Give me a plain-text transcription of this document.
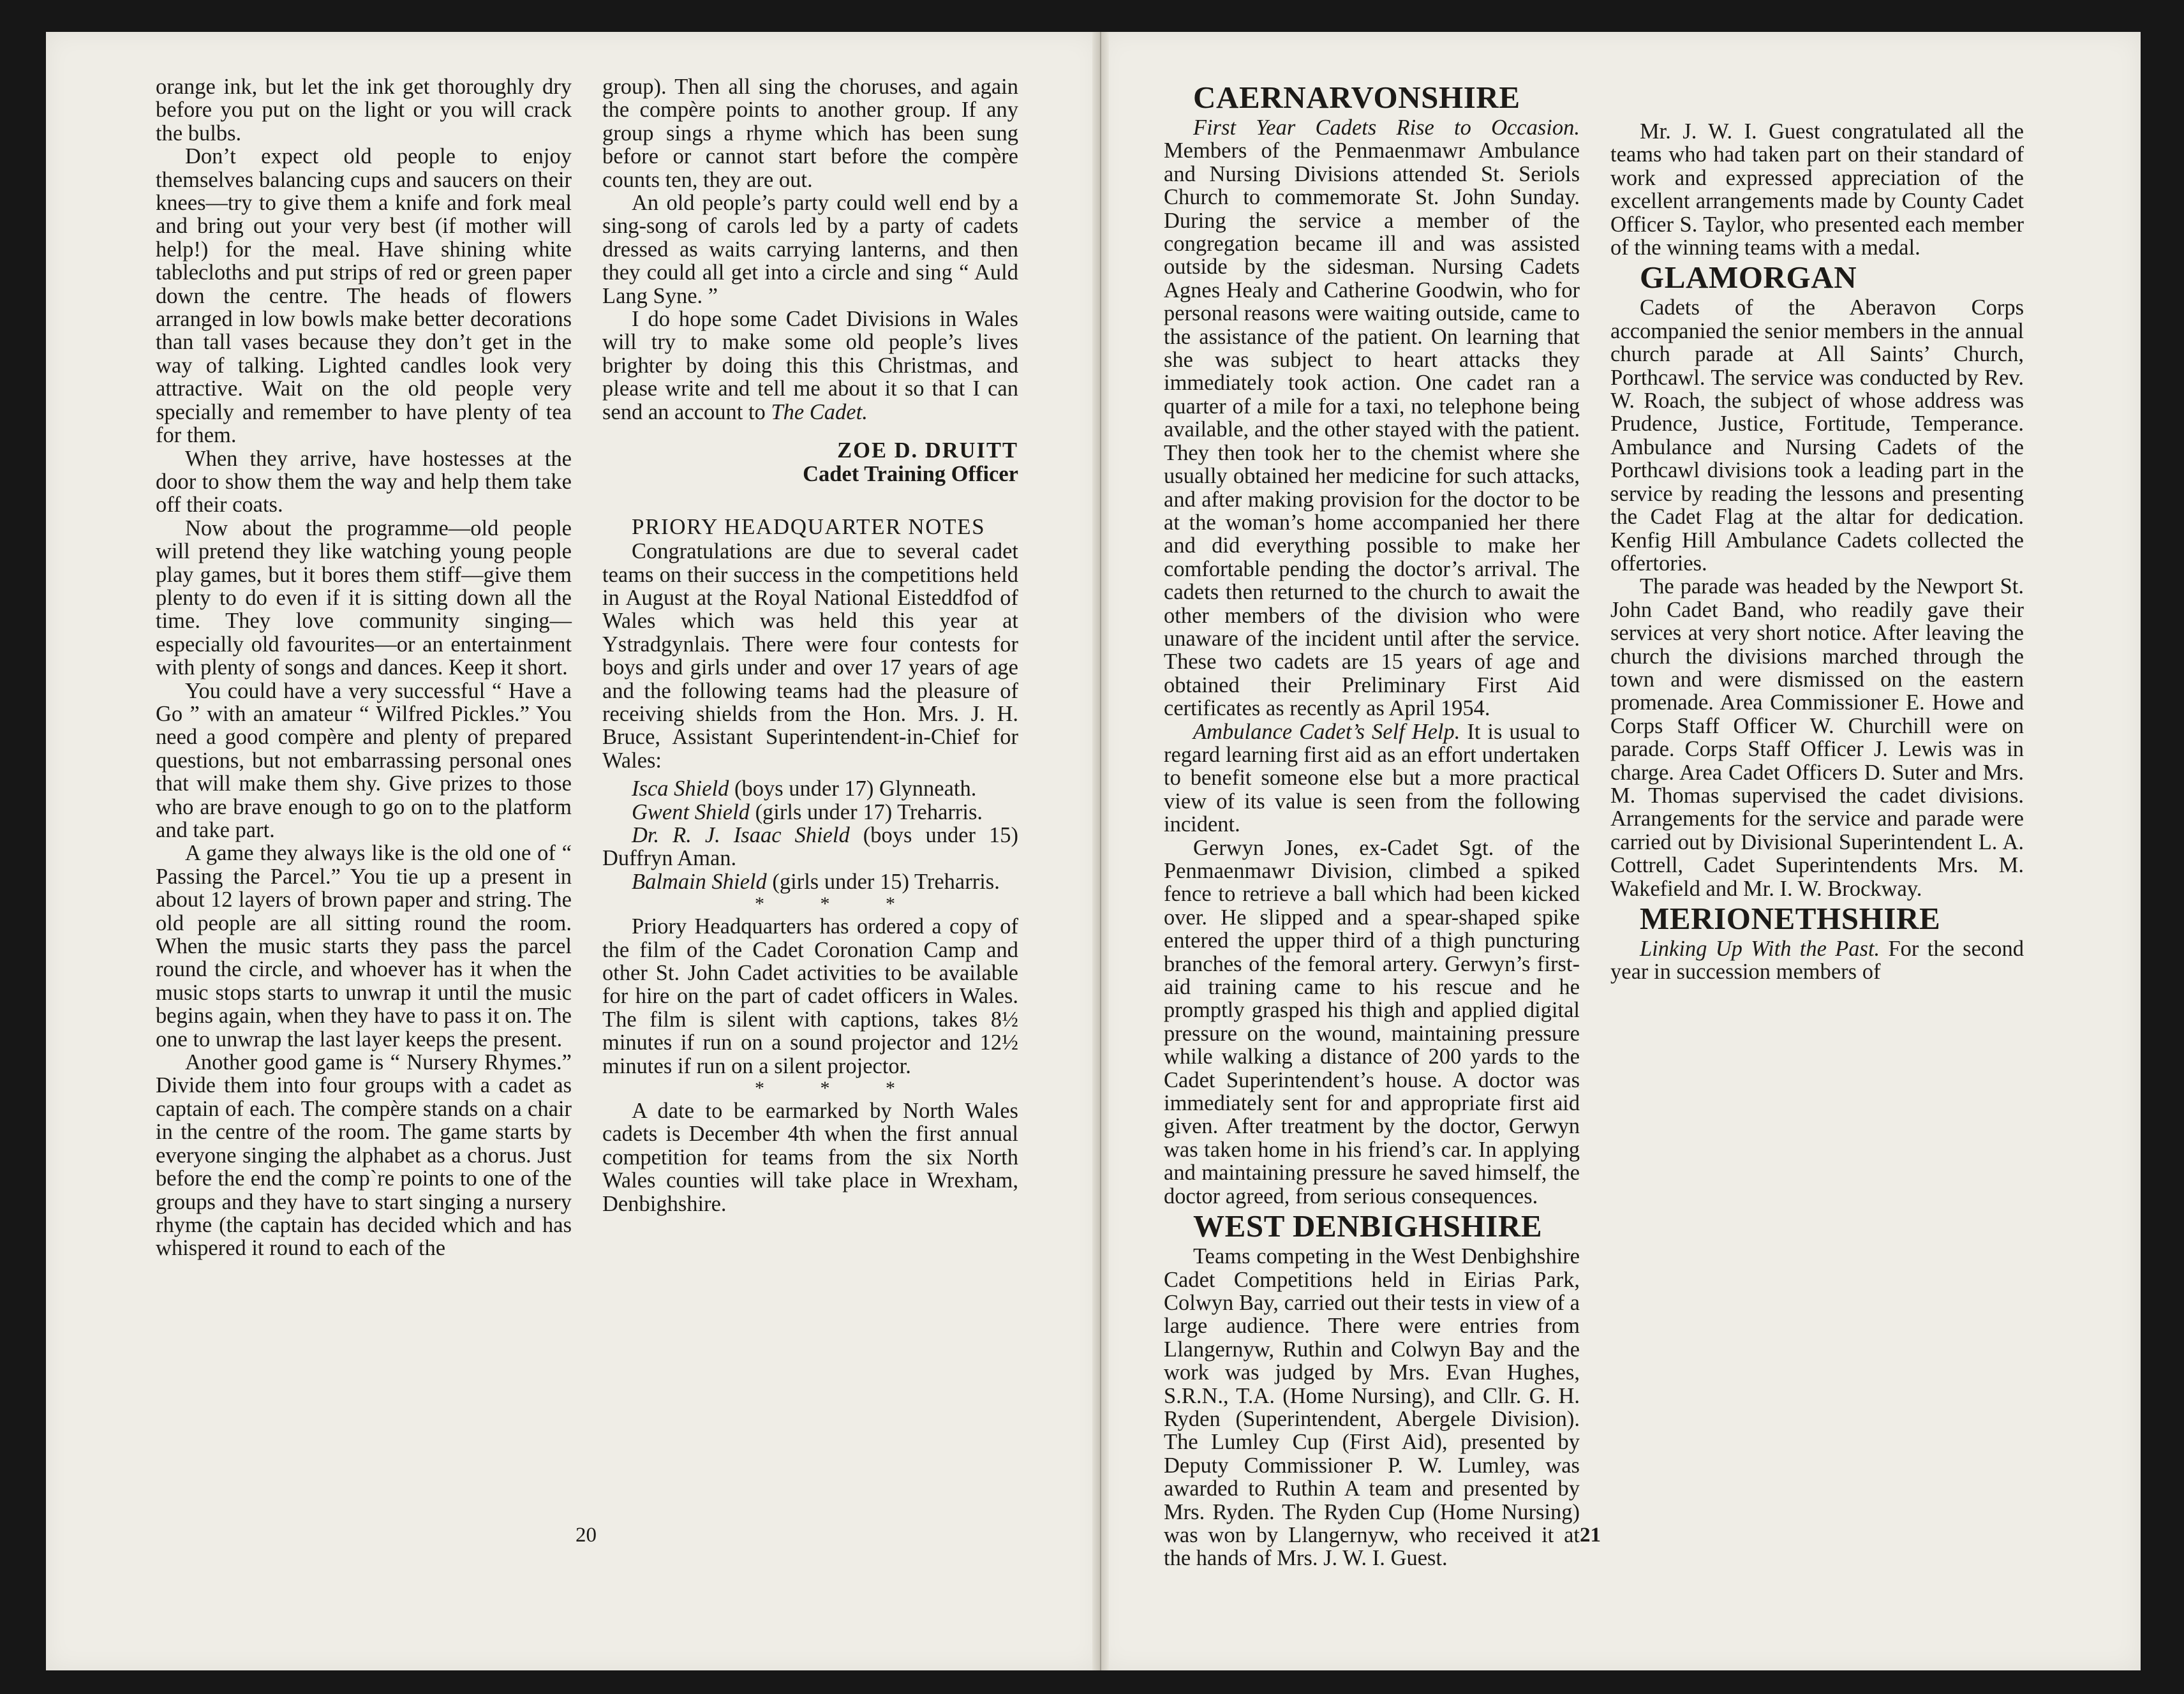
orange ink, but let the ink get thoroughly dry before you put on the light or you will crack the bulbs.

Don’t expect old people to enjoy themselves balancing cups and saucers on their knees—try to give them a knife and fork meal and bring out your very best (if mother will help!) for the meal. Have shining white tablecloths and put strips of red or green paper down the centre. The heads of flowers arranged in low bowls make better decorations than tall vases because they don’t get in the way of talking. Lighted candles look very attractive. Wait on the old people very specially and remember to have plenty of tea for them.

When they arrive, have hostesses at the door to show them the way and help them take off their coats.

Now about the programme—old people will pretend they like watching young people play games, but it bores them stiff—give them plenty to do even if it is sitting down all the time. They love community singing—especially old favourites—or an entertainment with plenty of songs and dances. Keep it short.

You could have a very successful “ Have a Go ” with an amateur “ Wilfred Pickles.” You need a good compère and plenty of prepared questions, but not embarrassing personal ones that will make them shy. Give prizes to those who are brave enough to go on to the platform and take part.

A game they always like is the old one of “ Passing the Parcel.” You tie up a present in about 12 layers of brown paper and string. The old people are all sitting round the room. When the music starts they pass the parcel round the circle, and whoever has it when the music stops starts to unwrap it until the music begins again, when they have to pass it on. The one to unwrap the last layer keeps the present.

Another good game is “ Nursery Rhymes.” Divide them into four groups with a cadet as captain of each. The compère stands on a chair in the centre of the room. The game starts by everyone singing the alphabet as a chorus. Just before the end the comp`re points to one of the groups and they have to start singing a nursery rhyme (the captain has decided which and has whispered it round to each of the

group). Then all sing the choruses, and again the compère points to another group. If any group sings a rhyme which has been sung before or cannot start before the compère counts ten, they are out.

An old people’s party could well end by a sing-song of carols led by a party of cadets dressed as waits carrying lanterns, and then they could all get into a circle and sing “ Auld Lang Syne. ”

I do hope some Cadet Divisions in Wales will try to make some old people’s lives brighter by doing this this Christmas, and please write and tell me about it so that I can send an account to The Cadet.

ZOE D. DRUITT

Cadet Training Officer

PRIORY HEADQUARTER NOTES

Congratulations are due to several cadet teams on their success in the competitions held in August at the Royal National Eisteddfod of Wales which was held this year at Ystradgynlais. There were four contests for boys and girls under and over 17 years of age and the following teams had the pleasure of receiving shields from the Hon. Mrs. J. H. Bruce, Assistant Superintendent-in-Chief for Wales:

Isca Shield (boys under 17) Glynneath.

Gwent Shield (girls under 17) Treharris.

Dr. R. J. Isaac Shield (boys under 15) Duffryn Aman.

Balmain Shield (girls under 15) Treharris.

* * *

Priory Headquarters has ordered a copy of the film of the Cadet Coronation Camp and other St. John Cadet activities to be available for hire on the part of cadet officers in Wales. The film is silent with captions, takes 8½ minutes if run on a sound projector and 12½ minutes if run on a silent projector.

* * *

A date to be earmarked by North Wales cadets is December 4th when the first annual competition for teams from the six North Wales counties will take place in Wrexham, Denbighshire.

20

CAERNARVONSHIRE

First Year Cadets Rise to Occasion. Members of the Penmaenmawr Ambulance and Nursing Divisions attended St. Seriols Church to commemorate St. John Sunday. During the service a member of the congregation became ill and was assisted outside by the sidesman. Nursing Cadets Agnes Healy and Catherine Goodwin, who for personal reasons were waiting outside, came to the assistance of the patient. On learning that she was subject to heart attacks they immediately took action. One cadet ran a quarter of a mile for a taxi, no telephone being available, and the other stayed with the patient. They then took her to the chemist where she usually obtained her medicine for such attacks, and after making provision for the doctor to be at the woman’s home accompanied her there and did everything possible to make her comfortable pending the doctor’s arrival. The cadets then returned to the church to await the other members of the division who were unaware of the incident until after the service. These two cadets are 15 years of age and obtained their Preliminary First Aid certificates as recently as April 1954.

Ambulance Cadet’s Self Help. It is usual to regard learning first aid as an effort undertaken to benefit someone else but a more practical view of its value is seen from the following incident.

Gerwyn Jones, ex-Cadet Sgt. of the Penmaenmawr Division, climbed a spiked fence to retrieve a ball which had been kicked over. He slipped and a spear-shaped spike entered the upper third of a thigh puncturing branches of the femoral artery. Gerwyn’s first-aid training came to his rescue and he promptly grasped his thigh and applied digital pressure on the wound, maintaining pressure while walking a distance of 200 yards to the Cadet Superintendent’s house. A doctor was immediately sent for and appropriate first aid given. After treatment by the doctor, Gerwyn was taken home in his friend’s car. In applying and maintaining pressure he saved himself, the doctor agreed, from serious consequences.

WEST DENBIGHSHIRE

Teams competing in the West Denbighshire Cadet Competitions held in Eirias Park, Colwyn Bay, carried out their tests in view of a large audience. There were entries from Llangernyw, Ruthin and Colwyn Bay and the work was judged by Mrs. Evan Hughes, S.R.N., T.A. (Home Nursing), and Cllr. G. H. Ryden (Superintendent, Abergele Division). The Lumley Cup (First Aid), presented by Deputy Commissioner P. W. Lumley, was awarded to Ruthin A team and presented by Mrs. Ryden. The Ryden Cup (Home Nursing) was won by Llangernyw, who received it at the hands of Mrs. J. W. I. Guest.

Mr. J. W. I. Guest congratulated all the teams who had taken part on their standard of work and expressed appreciation of the excellent arrangements made by County Cadet Officer S. Taylor, who presented each member of the winning teams with a medal.

GLAMORGAN

Cadets of the Aberavon Corps accompanied the senior members in the annual church parade at All Saints’ Church, Porthcawl. The service was conducted by Rev. W. Roach, the subject of whose address was Prudence, Justice, Fortitude, Temperance. Ambulance and Nursing Cadets of the Porthcawl divisions took a leading part in the service by reading the lessons and presenting the Cadet Flag at the altar for dedication. Kenfig Hill Ambulance Cadets collected the offertories.

The parade was headed by the Newport St. John Cadet Band, who readily gave their services at very short notice. After leaving the church the divisions marched through the town and were dismissed on the eastern promenade. Area Commissioner E. Howe and Corps Staff Officer W. Churchill were on parade. Corps Staff Officer J. Lewis was in charge. Area Cadet Officers D. Suter and Mrs. M. Thomas supervised the cadet divisions. Arrangements for the service and parade were carried out by Divisional Superintendent L. A. Cottrell, Cadet Superintendents Mrs. M. Wakefield and Mr. I. W. Brockway.

MERIONETHSHIRE

Linking Up With the Past. For the second year in succession members of

21
